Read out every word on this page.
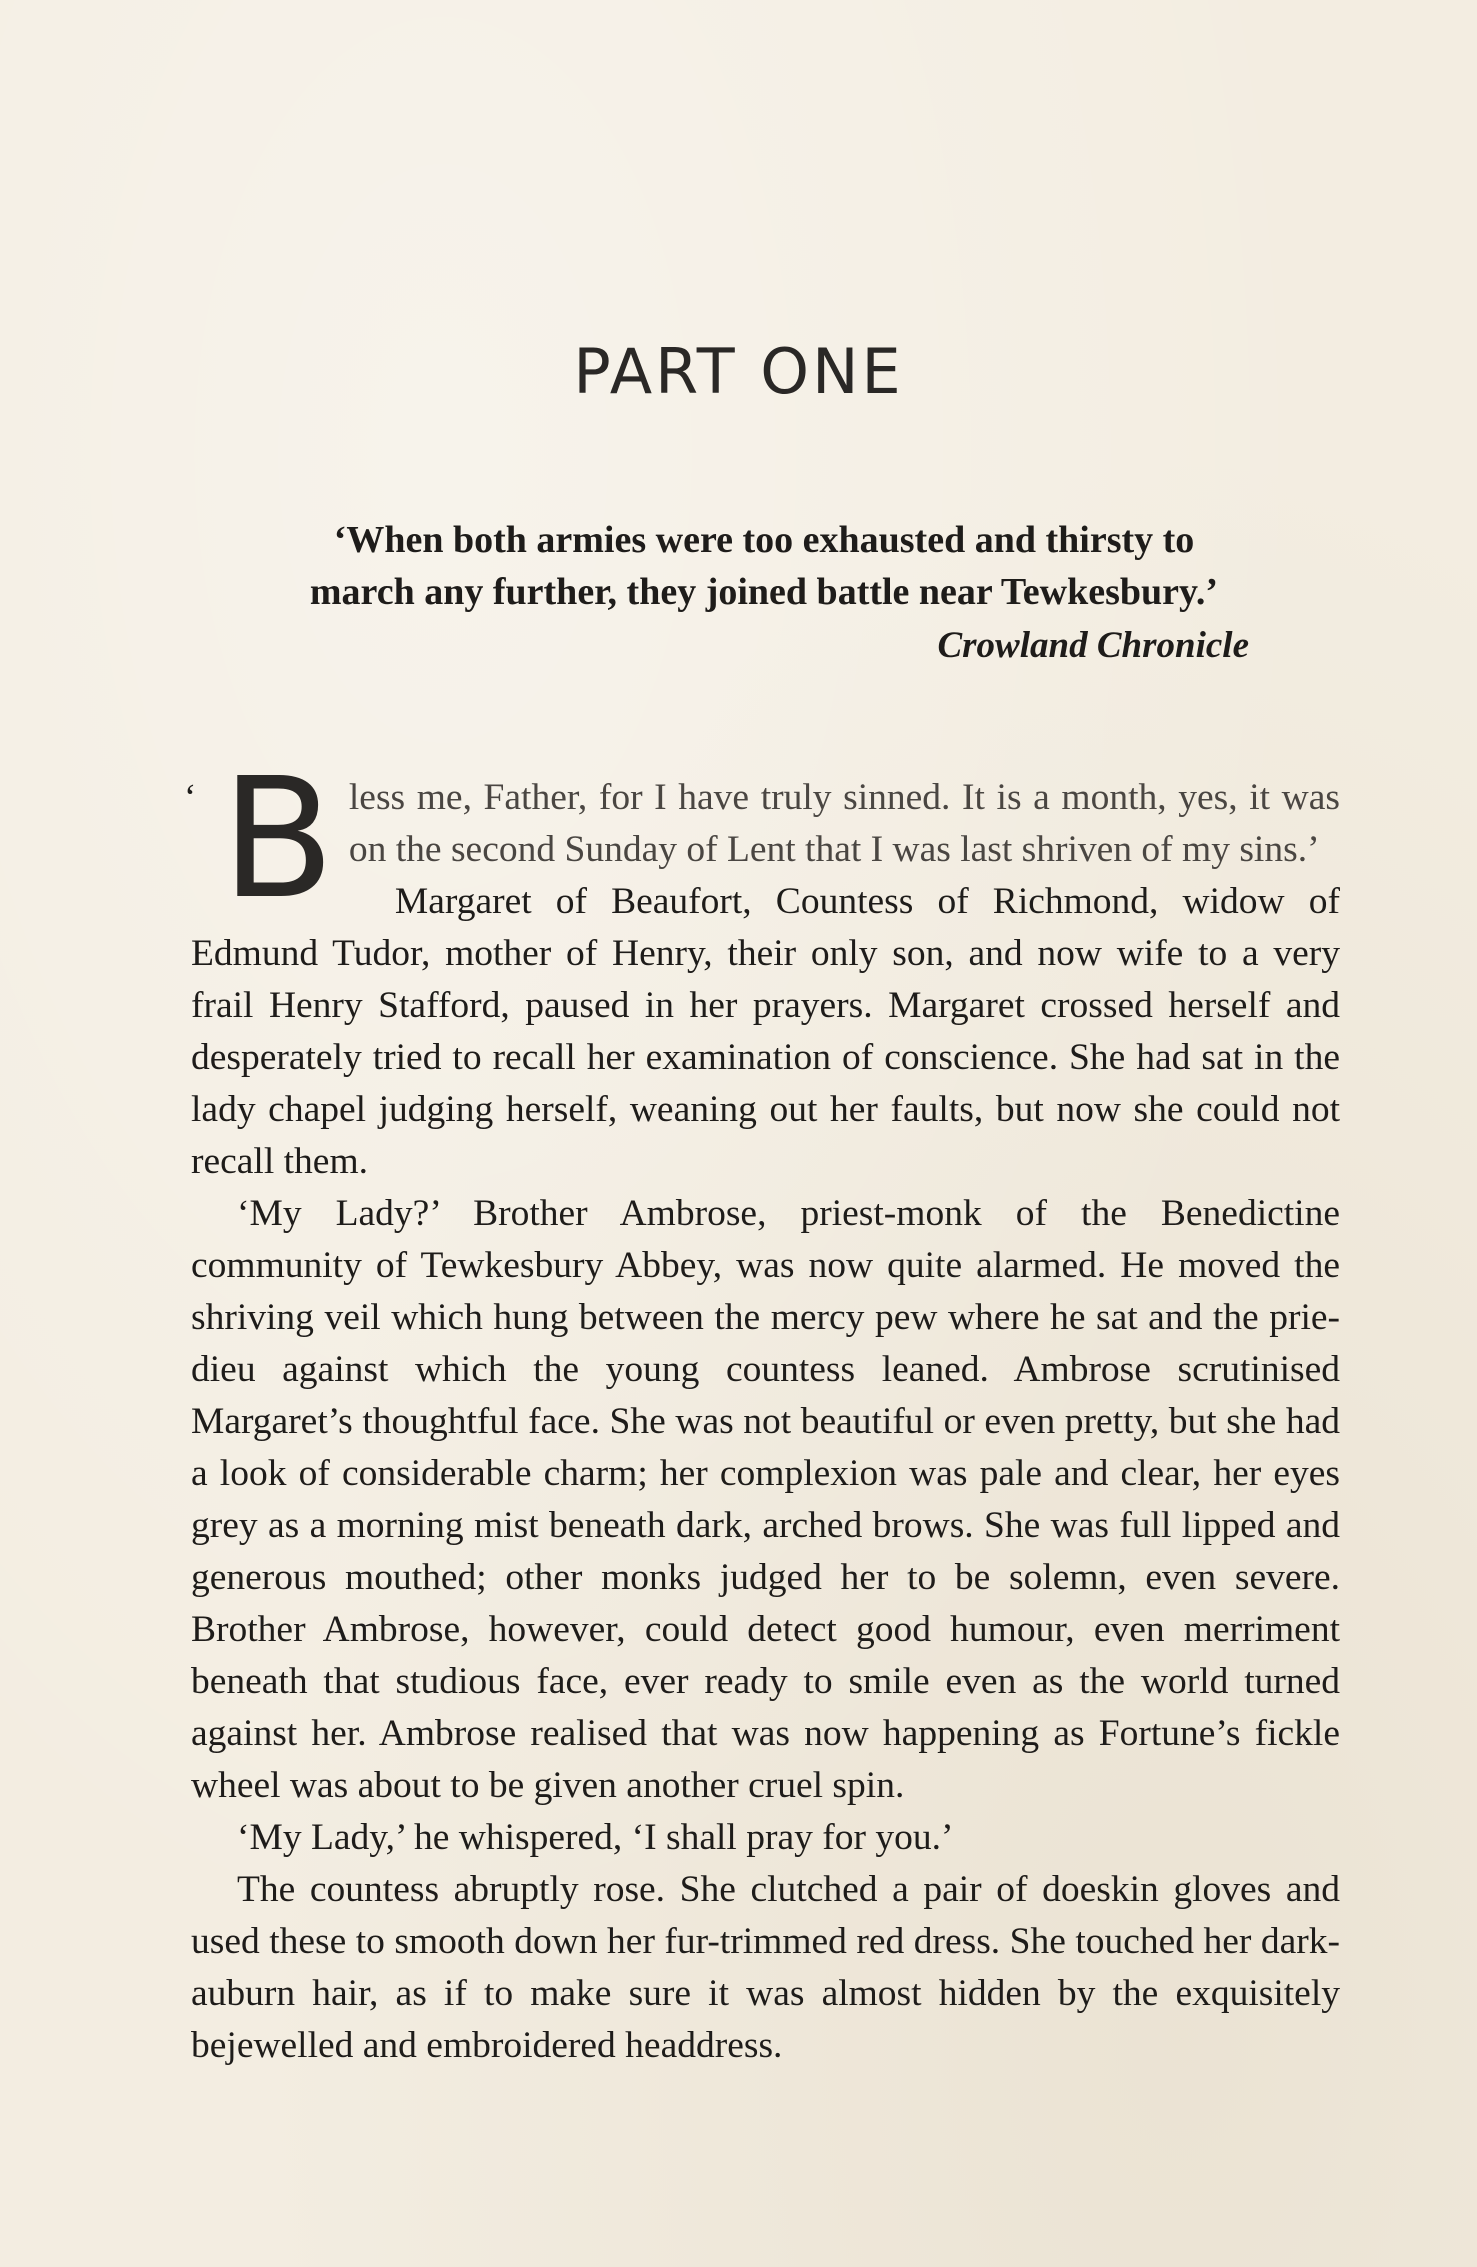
PART ONE

‘When both armies were too exhausted and thirsty to march any further, they joined battle near Tewkesbury.’

Crowland Chronicle

‘ Bless me, Father, for I have truly sinned. It is a month, yes, it was on the second Sunday of Lent that I was last shriven of my sins.’

Margaret of Beaufort, Countess of Richmond, widow of Edmund Tudor, mother of Henry, their only son, and now wife to a very frail Henry Stafford, paused in her prayers. Margaret crossed herself and desperately tried to recall her examination of conscience. She had sat in the lady chapel judging herself, weaning out her faults, but now she could not recall them.

‘My Lady?’ Brother Ambrose, priest-monk of the Benedictine community of Tewkesbury Abbey, was now quite alarmed. He moved the shriving veil which hung between the mercy pew where he sat and the prie-dieu against which the young countess leaned. Ambrose scrutinised Margaret’s thoughtful face. She was not beautiful or even pretty, but she had a look of considerable charm; her complexion was pale and clear, her eyes grey as a morning mist beneath dark, arched brows. She was full lipped and generous mouthed; other monks judged her to be solemn, even severe. Brother Ambrose, however, could detect good humour, even merriment beneath that studious face, ever ready to smile even as the world turned against her. Ambrose realised that was now happening as Fortune’s fickle wheel was about to be given another cruel spin.

‘My Lady,’ he whispered, ‘I shall pray for you.’

The countess abruptly rose. She clutched a pair of doeskin gloves and used these to smooth down her fur-trimmed red dress. She touched her dark-auburn hair, as if to make sure it was almost hidden by the exquisitely bejewelled and embroidered headdress.
